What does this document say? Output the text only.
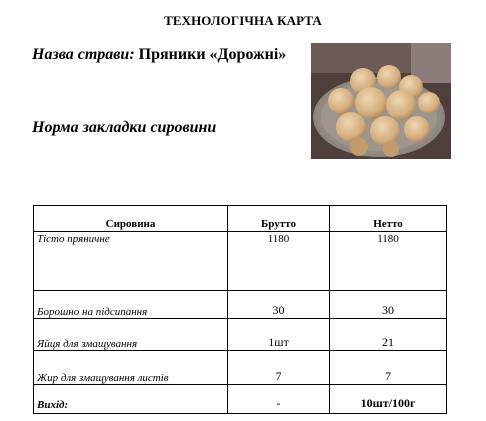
ТЕХНОЛОГІЧНА КАРТА
Назва страви: Пряники «Дорожні»
Норма закладки сировини
Сировина	Брутто	Нетто
Тісто пряничне	1180	1180
Борошно на підсипання	30	30
Яйця для змащування	1шт	21
Жир для змащування листів	7	7
Вихід:	-	10шт/100г
